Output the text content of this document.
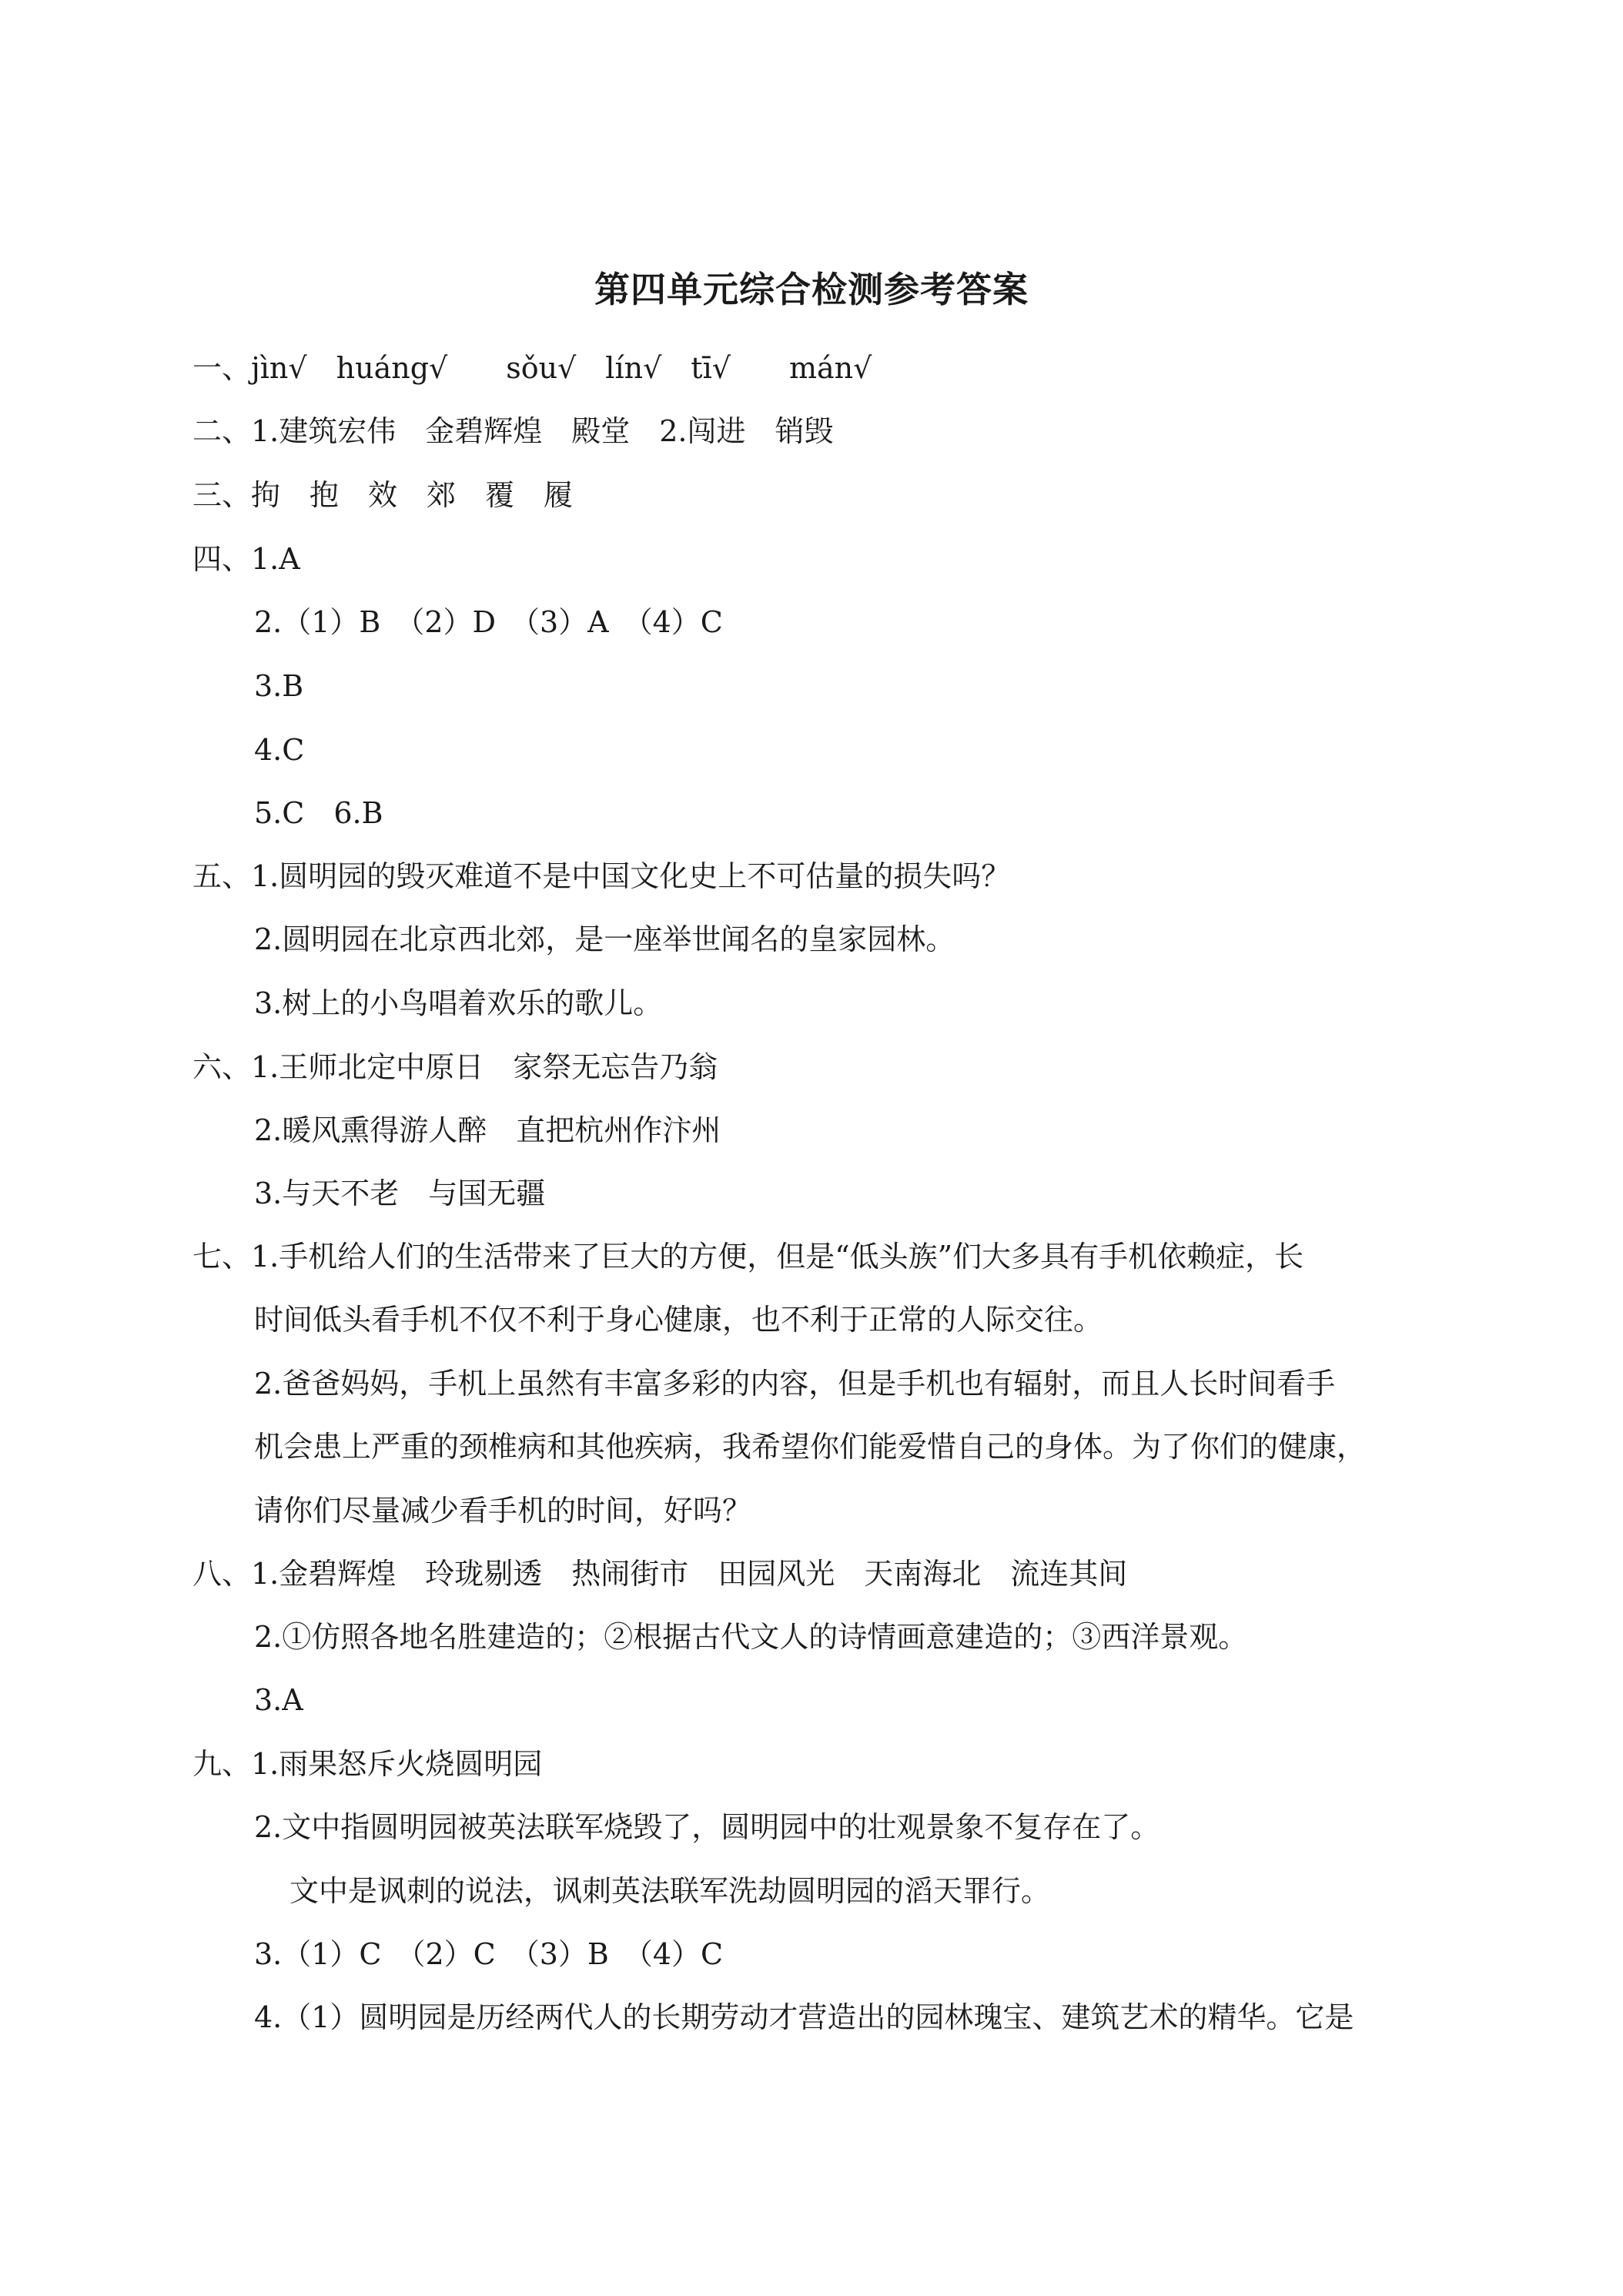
第四单元综合检测参考答案
一、jìn√　huáng√　　sǒu√　lín√　tī√　　mán√
二、1.建筑宏伟　金碧辉煌　殿堂　2.闯进　销毁
三、拘　抱　效　郊　覆　履
四、1.A
2.（1）B　（2）D　（3）A　（4）C
3.B
4.C
5.C　6.B
五、1.圆明园的毁灭难道不是中国文化史上不可估量的损失吗？
2.圆明园在北京西北郊，是一座举世闻名的皇家园林。
3.树上的小鸟唱着欢乐的歌儿。
六、1.王师北定中原日　家祭无忘告乃翁
2.暖风熏得游人醉　直把杭州作汴州
3.与天不老　与国无疆
七、1.手机给人们的生活带来了巨大的方便，但是“低头族”们大多具有手机依赖症，长
时间低头看手机不仅不利于身心健康，也不利于正常的人际交往。
2.爸爸妈妈，手机上虽然有丰富多彩的内容，但是手机也有辐射，而且人长时间看手
机会患上严重的颈椎病和其他疾病，我希望你们能爱惜自己的身体。为了你们的健康，
请你们尽量减少看手机的时间，好吗？
八、1.金碧辉煌　玲珑剔透　热闹街市　田园风光　天南海北　流连其间
2.①仿照各地名胜建造的；②根据古代文人的诗情画意建造的；③西洋景观。
3.A
九、1.雨果怒斥火烧圆明园
2.文中指圆明园被英法联军烧毁了，圆明园中的壮观景象不复存在了。
文中是讽刺的说法，讽刺英法联军洗劫圆明园的滔天罪行。
3.（1）C　（2）C　（3）B　（4）C
4.（1）圆明园是历经两代人的长期劳动才营造出的园林瑰宝、建筑艺术的精华。它是
